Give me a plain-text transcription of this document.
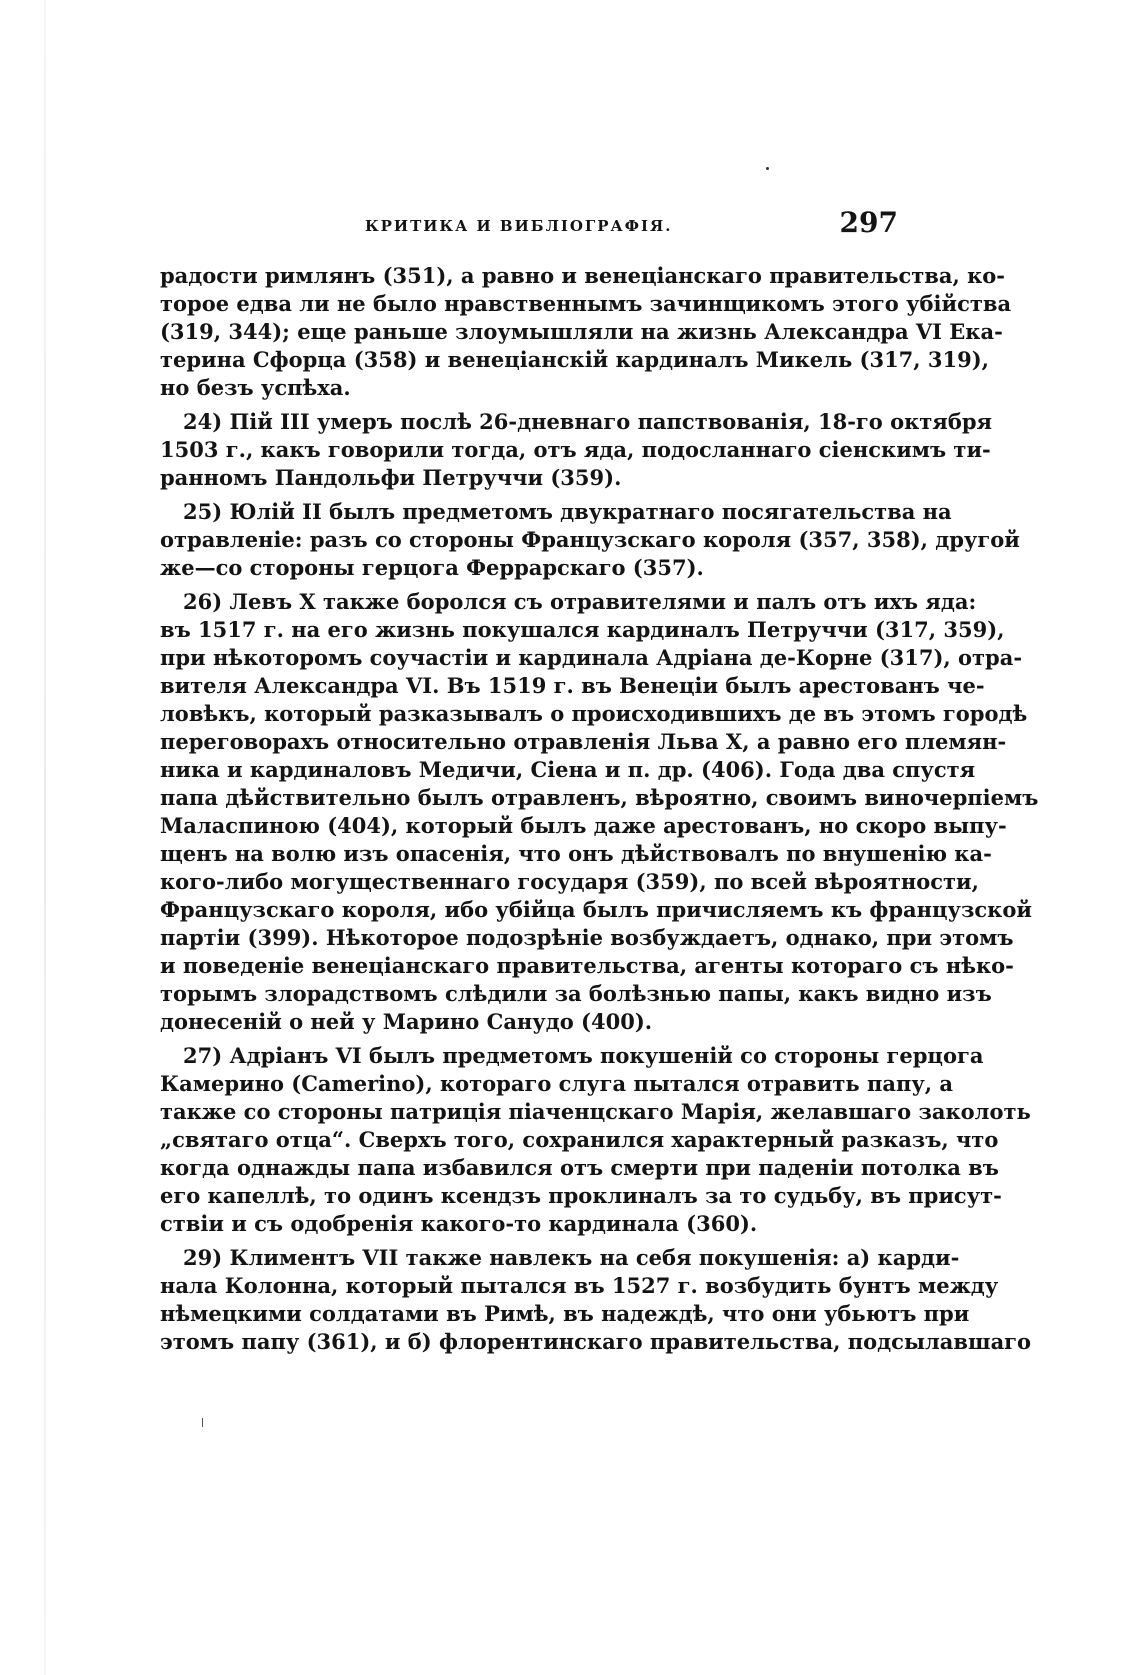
КРИТИКА И ВИБЛІОГРАФІЯ.	297
радости римлянъ (351), а равно и венеціанскаго правительства, ко-
торое едва ли не было нравственнымъ зачинщикомъ этого убійства
(319, 344); еще раньше злоумышляли на жизнь Александра VI Ека-
терина Сфорца (358) и венеціанскій кардиналъ Микель (317, 319),
но безъ успѣха.
24) Пій III умеръ послѣ 26-дневнаго папствованія, 18-го октября
1503 г., какъ говорили тогда, отъ яда, подосланнаго сіенскимъ ти-
ранномъ Пандольфи Петруччи (359).
25) Юлій II былъ предметомъ двукратнаго посягательства на
отравленіе: разъ со стороны Французскаго короля (357, 358), другой
же—со стороны герцога Феррарскаго (357).
26) Левъ X также боролся съ отравителями и палъ отъ ихъ яда:
въ 1517 г. на его жизнь покушался кардиналъ Петруччи (317, 359),
при нѣкоторомъ соучастіи и кардинала Адріана де-Корне (317), отра-
вителя Александра VI. Въ 1519 г. въ Венеціи былъ арестованъ че-
ловѣкъ, который разказывалъ о происходившихъ де въ этомъ городѣ
переговорахъ относительно отравленія Льва X, а равно его племян-
ника и кардиналовъ Медичи, Сіена и п. др. (406). Года два спустя
папа дѣйствительно былъ отравленъ, вѣроятно, своимъ виночерпіемъ
Маласпиною (404), который былъ даже арестованъ, но скоро выпу-
щенъ на волю изъ опасенія, что онъ дѣйствовалъ по внушенію ка-
кого-либо могущественнаго государя (359), по всей вѣроятности,
Французскаго короля, ибо убійца былъ причисляемъ къ французской
партіи (399). Нѣкоторое подозрѣніе возбуждаетъ, однако, при этомъ
и поведеніе венеціанскаго правительства, агенты котораго съ нѣко-
торымъ злорадствомъ слѣдили за болѣзнью папы, какъ видно изъ
донесеній о ней у Марино Санудо (400).
27) Адріанъ VI былъ предметомъ покушеній со стороны герцога
Камерино (Camerino), котораго слуга пытался отравить папу, а
также со стороны патриція піаченцскаго Марія, желавшаго заколоть
„святаго отца“. Сверхъ того, сохранился характерный разказъ, что
когда однажды папа избавился отъ смерти при паденіи потолка въ
его капеллѣ, то одинъ ксендзъ проклиналъ за то судьбу, въ присут-
ствіи и съ одобренія какого-то кардинала (360).
29) Климентъ VII также навлекъ на себя покушенія: а) карди-
нала Колонна, который пытался въ 1527 г. возбудить бунтъ между
нѣмецкими солдатами въ Римѣ, въ надеждѣ, что они убьютъ при
этомъ папу (361), и б) флорентинскаго правительства, подсылавшаго
